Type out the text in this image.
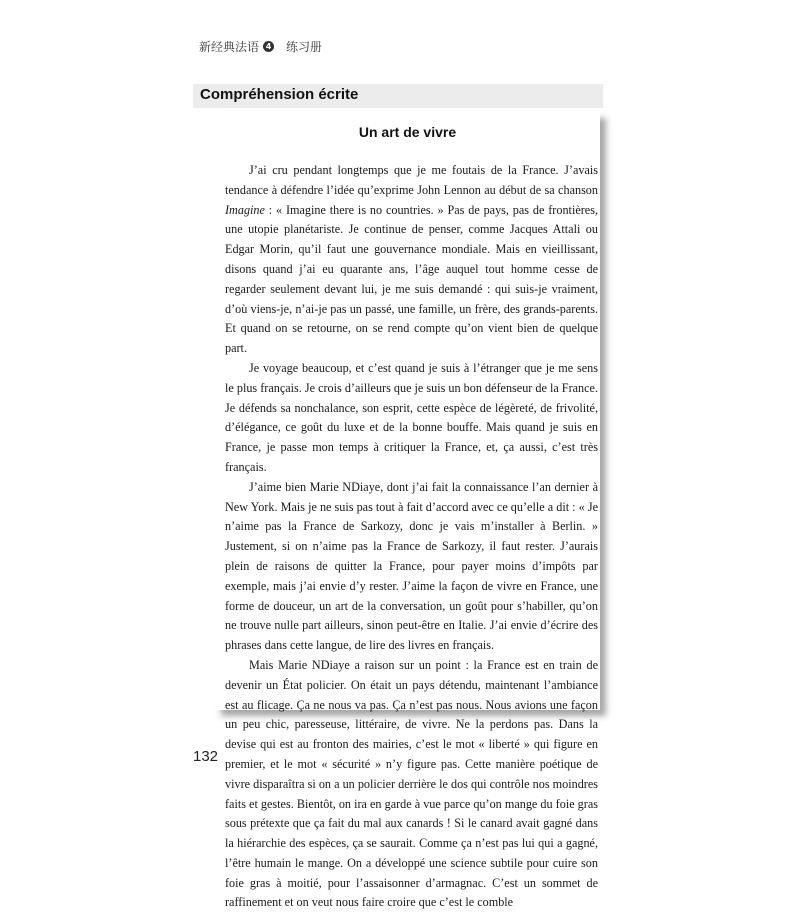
新经典法语 4 练习册
Compréhension écrite
Un art de vivre

J’ai cru pendant longtemps que je me foutais de la France. J’avais tendance à défendre l’idée qu’exprime John Lennon au début de sa chanson Imagine : « Imagine there is no countries. » Pas de pays, pas de frontières, une utopie planétariste. Je continue de penser, comme Jacques Attali ou Edgar Morin, qu’il faut une gouvernance mondiale. Mais en vieillissant, disons quand j’ai eu quarante ans, l’âge auquel tout homme cesse de regarder seulement devant lui, je me suis demandé : qui suis-je vraiment, d’où viens-je, n’ai-je pas un passé, une famille, un frère, des grands-parents. Et quand on se retourne, on se rend compte qu’on vient bien de quelque part.

Je voyage beaucoup, et c’est quand je suis à l’étranger que je me sens le plus français. Je crois d’ailleurs que je suis un bon défenseur de la France. Je défends sa nonchalance, son esprit, cette espèce de légèreté, de frivolité, d’élégance, ce goût du luxe et de la bonne bouffe. Mais quand je suis en France, je passe mon temps à critiquer la France, et, ça aussi, c’est très français.

J’aime bien Marie NDiaye, dont j’ai fait la connaissance l’an dernier à New York. Mais je ne suis pas tout à fait d’accord avec ce qu’elle a dit : « Je n’aime pas la France de Sarkozy, donc je vais m’installer à Berlin. » Justement, si on n’aime pas la France de Sarkozy, il faut rester. J’aurais plein de raisons de quitter la France, pour payer moins d’impôts par exemple, mais j’ai envie d’y rester. J’aime la façon de vivre en France, une forme de douceur, un art de la conversation, un goût pour s’habiller, qu’on ne trouve nulle part ailleurs, sinon peut-être en Italie. J’ai envie d’écrire des phrases dans cette langue, de lire des livres en français.

Mais Marie NDiaye a raison sur un point : la France est en train de devenir un État policier. On était un pays détendu, maintenant l’ambiance est au flicage. Ça ne nous va pas. Ça n’est pas nous. Nous avions une façon un peu chic, paresseuse, littéraire, de vivre. Ne la perdons pas. Dans la devise qui est au fronton des mairies, c’est le mot « liberté » qui figure en premier, et le mot « sécurité » n’y figure pas. Cette manière poétique de vivre disparaîtra si on a un policier derrière le dos qui contrôle nos moindres faits et gestes. Bientôt, on ira en garde à vue parce qu’on mange du foie gras sous prétexte que ça fait du mal aux canards ! Si le canard avait gagné dans la hiérarchie des espèces, ça se saurait. Comme ça n’est pas lui qui a gagné, l’être humain le mange. On a développé une science subtile pour cuire son foie gras à moitié, pour l’assaisonner d’armagnac. C’est un sommet de raffinement et on veut nous faire croire que c’est le comble

132
